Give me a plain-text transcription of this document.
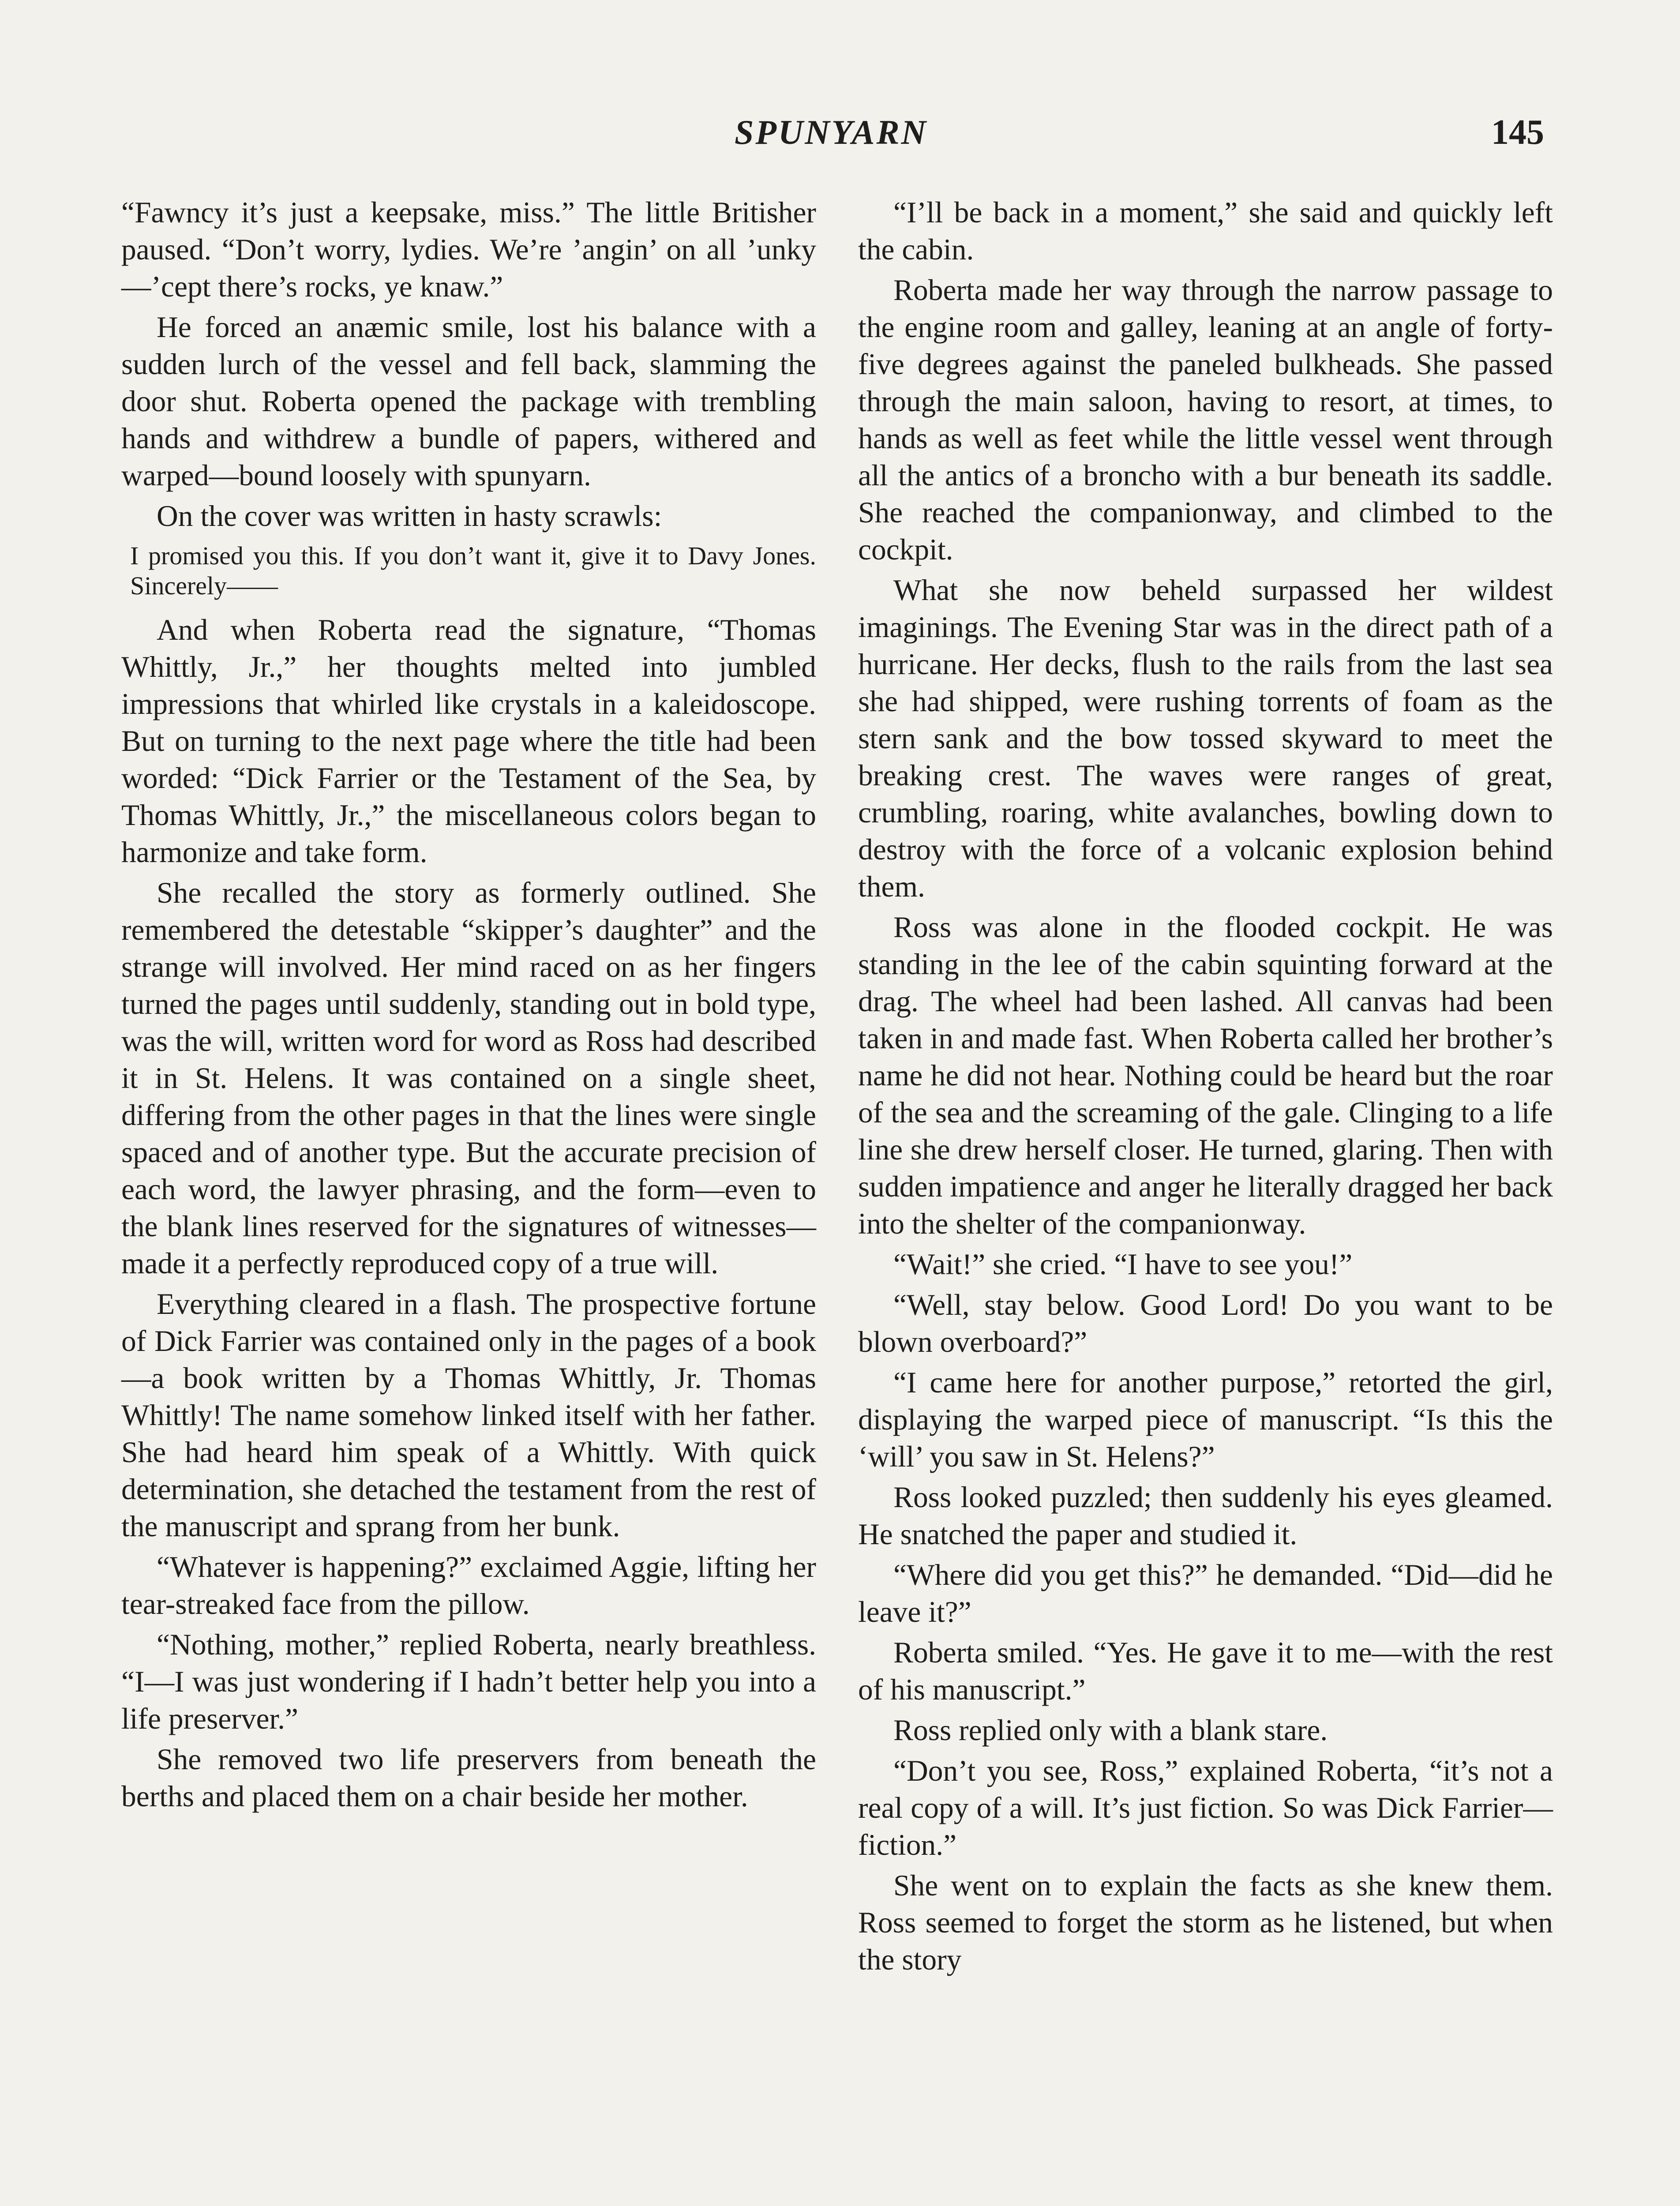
SPUNYARN	145

“Fawncy it’s just a keepsake, miss.” The little Britisher paused. “Don’t worry, lydies. We’re ’angin’ on all ’unky—’cept there’s rocks, ye knaw.”

He forced an anæmic smile, lost his balance with a sudden lurch of the vessel and fell back, slamming the door shut. Roberta opened the package with trembling hands and withdrew a bundle of papers, withered and warped—bound loosely with spunyarn.

On the cover was written in hasty scrawls:

I promised you this. If you don’t want it, give it to Davy Jones. Sincerely——

And when Roberta read the signature, “Thomas Whittly, Jr.,” her thoughts melted into jumbled impressions that whirled like crystals in a kaleidoscope. But on turning to the next page where the title had been worded: “Dick Farrier or the Testament of the Sea, by Thomas Whittly, Jr.,” the miscellaneous colors began to harmonize and take form.

She recalled the story as formerly outlined. She remembered the detestable “skipper’s daughter” and the strange will involved. Her mind raced on as her fingers turned the pages until suddenly, standing out in bold type, was the will, written word for word as Ross had described it in St. Helens. It was contained on a single sheet, differing from the other pages in that the lines were single spaced and of another type. But the accurate precision of each word, the lawyer phrasing, and the form—even to the blank lines reserved for the signatures of witnesses—made it a perfectly reproduced copy of a true will.

Everything cleared in a flash. The prospective fortune of Dick Farrier was contained only in the pages of a book—a book written by a Thomas Whittly, Jr. Thomas Whittly! The name somehow linked itself with her father. She had heard him speak of a Whittly. With quick determination, she detached the testament from the rest of the manuscript and sprang from her bunk.

“Whatever is happening?” exclaimed Aggie, lifting her tear-streaked face from the pillow.

“Nothing, mother,” replied Roberta, nearly breathless. “I—I was just wondering if I hadn’t better help you into a life preserver.”

She removed two life preservers from beneath the berths and placed them on a chair beside her mother.

“I’ll be back in a moment,” she said and quickly left the cabin.

Roberta made her way through the narrow passage to the engine room and galley, leaning at an angle of forty-five degrees against the paneled bulkheads. She passed through the main saloon, having to resort, at times, to hands as well as feet while the little vessel went through all the antics of a broncho with a bur beneath its saddle. She reached the companionway, and climbed to the cockpit.

What she now beheld surpassed her wildest imaginings. The Evening Star was in the direct path of a hurricane. Her decks, flush to the rails from the last sea she had shipped, were rushing torrents of foam as the stern sank and the bow tossed skyward to meet the breaking crest. The waves were ranges of great, crumbling, roaring, white avalanches, bowling down to destroy with the force of a volcanic explosion behind them.

Ross was alone in the flooded cockpit. He was standing in the lee of the cabin squinting forward at the drag. The wheel had been lashed. All canvas had been taken in and made fast. When Roberta called her brother’s name he did not hear. Nothing could be heard but the roar of the sea and the screaming of the gale. Clinging to a life line she drew herself closer. He turned, glaring. Then with sudden impatience and anger he literally dragged her back into the shelter of the companionway.

“Wait!” she cried. “I have to see you!”

“Well, stay below. Good Lord! Do you want to be blown overboard?”

“I came here for another purpose,” retorted the girl, displaying the warped piece of manuscript. “Is this the ‘will’ you saw in St. Helens?”

Ross looked puzzled; then suddenly his eyes gleamed. He snatched the paper and studied it.

“Where did you get this?” he demanded. “Did—did he leave it?”

Roberta smiled. “Yes. He gave it to me—with the rest of his manuscript.”

Ross replied only with a blank stare.

“Don’t you see, Ross,” explained Roberta, “it’s not a real copy of a will. It’s just fiction. So was Dick Farrier—fiction.”

She went on to explain the facts as she knew them. Ross seemed to forget the storm as he listened, but when the story
